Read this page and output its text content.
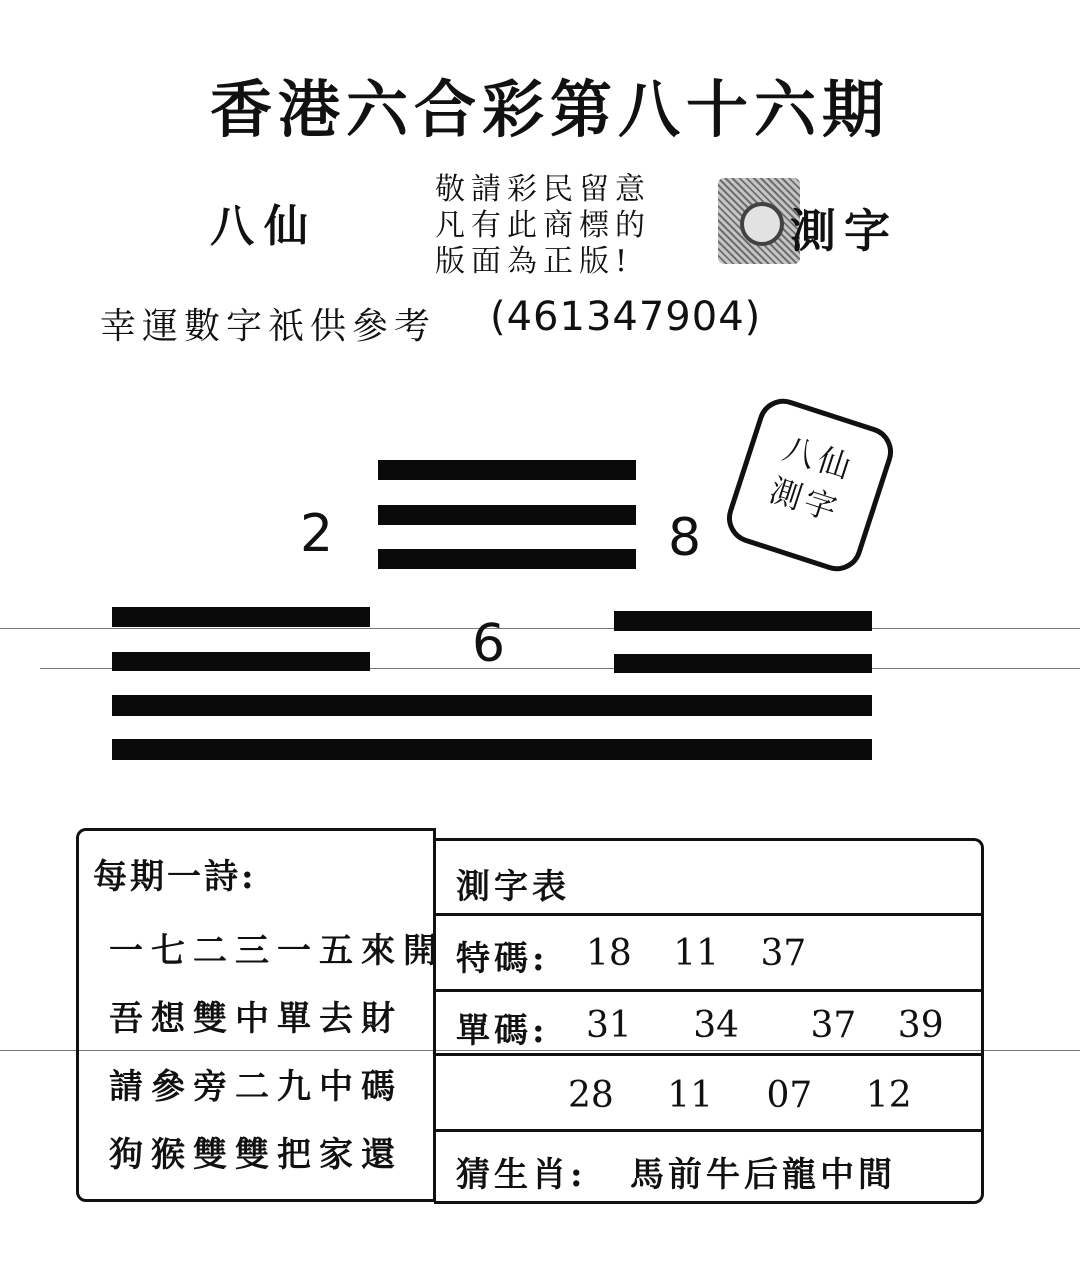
香港六合彩第八十六期
八仙
敬請彩民留意
凡有此商標的
版面為正版!
測字
幸運數字祇供參考 (461347904)
2	8
八仙
測字
6
每期一詩:
一七二三一五來開
吾想雙中單去財
請參旁二九中碼
狗猴雙雙把家還
測字表
特碼: 18 11 37
單碼: 31 34 37 39
28 11 07 12
猜生肖: 馬前牛后龍中間
